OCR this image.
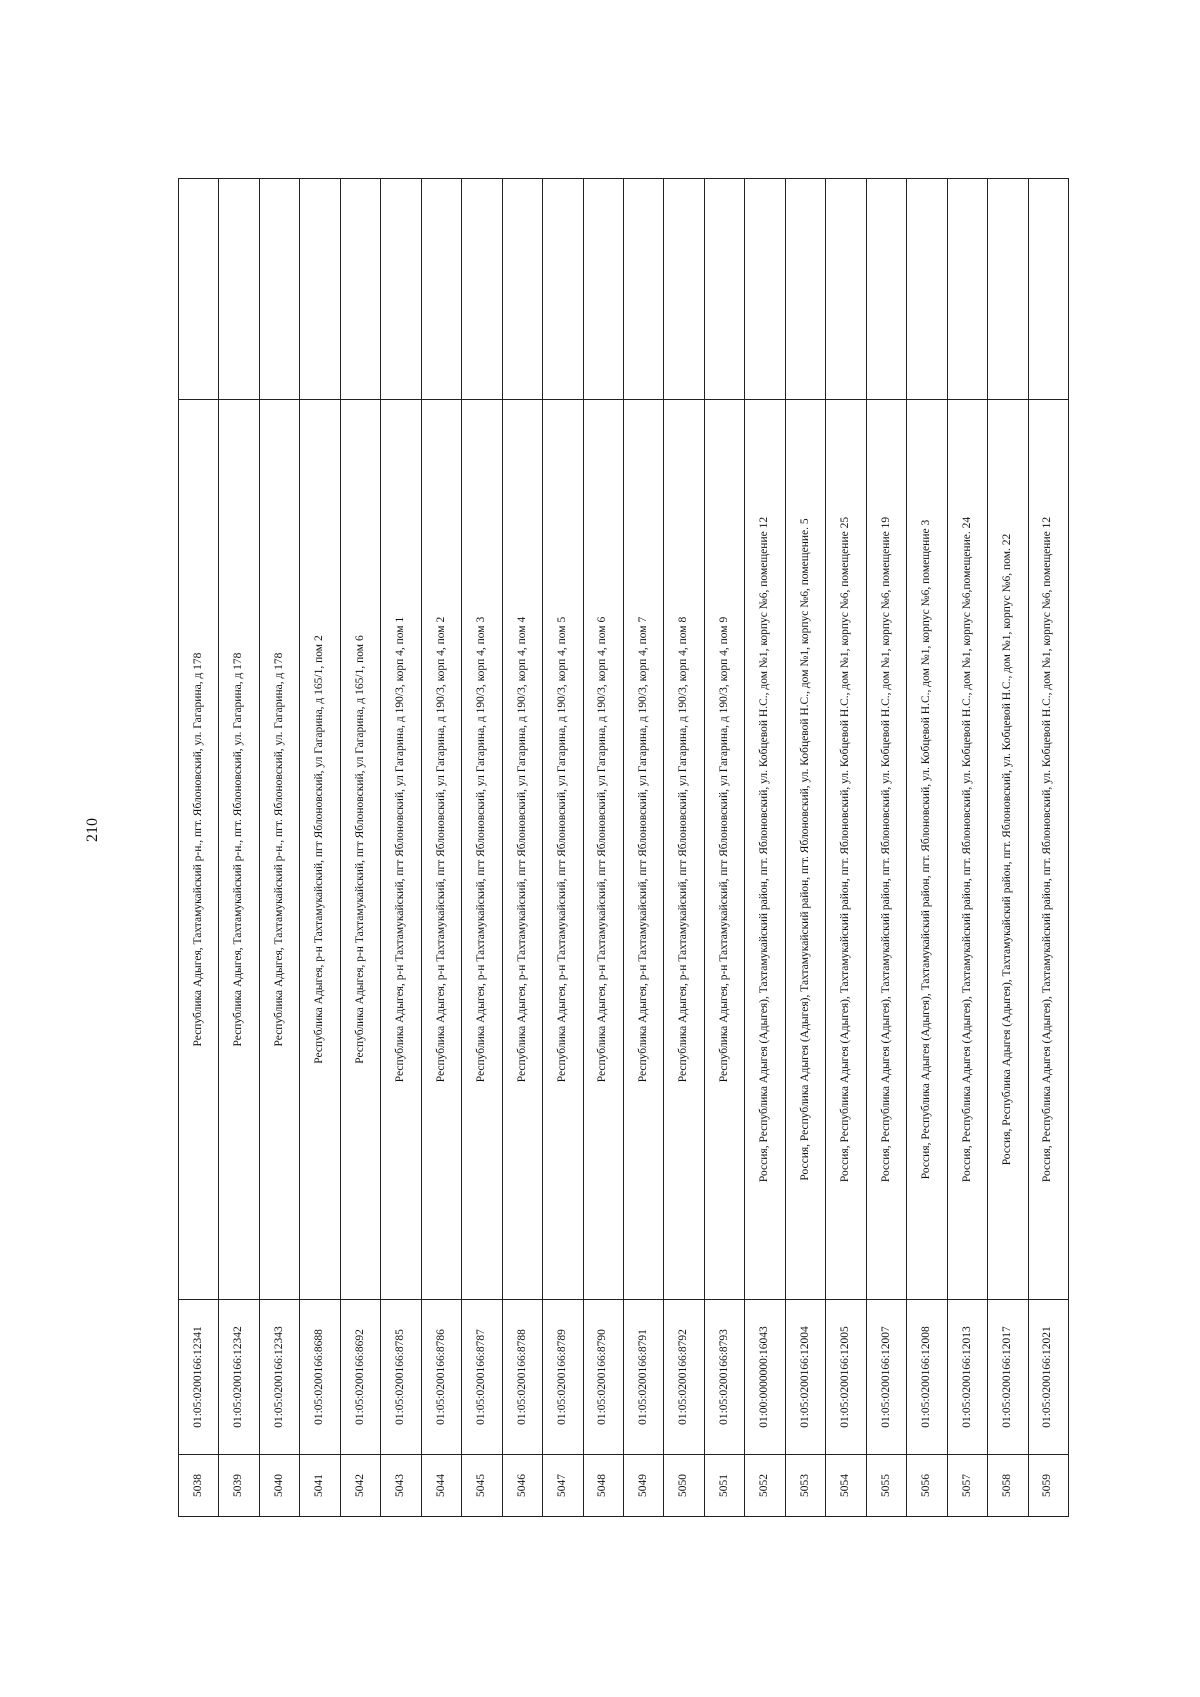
210
5038	01:05:0200166:12341	Республика Адыгея, Тахтамукайский р-н., пгт. Яблоновский, ул. Гагарина, д 178	
5039	01:05:0200166:12342	Республика Адыгея, Тахтамукайский р-н., пгт. Яблоновский, ул. Гагарина, д 178	
5040	01:05:0200166:12343	Республика Адыгея, Тахтамукайский р-н., пгт. Яблоновский, ул. Гагарина, д 178	
5041	01:05:0200166:8688	Республика Адыгея, р-н Тахтамукайский, пгт Яблоновский, ул Гагарина, д 165/1, пом 2	
5042	01:05:0200166:8692	Республика Адыгея, р-н Тахтамукайский, пгт Яблоновский, ул Гагарина, д 165/1, пом 6	
5043	01:05:0200166:8785	Республика Адыгея, р-н Тахтамукайский, пгт Яблоновский, ул Гагарина, д 190/3, корп 4, пом 1	
5044	01:05:0200166:8786	Республика Адыгея, р-н Тахтамукайский, пгт Яблоновский, ул Гагарина, д 190/3, корп 4, пом 2	
5045	01:05:0200166:8787	Республика Адыгея, р-н Тахтамукайский, пгт Яблоновский, ул Гагарина, д 190/3, корп 4, пом 3	
5046	01:05:0200166:8788	Республика Адыгея, р-н Тахтамукайский, пгт Яблоновский, ул Гагарина, д 190/3, корп 4, пом 4	
5047	01:05:0200166:8789	Республика Адыгея, р-н Тахтамукайский, пгт Яблоновский, ул Гагарина, д 190/3, корп 4, пом 5	
5048	01:05:0200166:8790	Республика Адыгея, р-н Тахтамукайский, пгт Яблоновский, ул Гагарина, д 190/3, корп 4, пом 6	
5049	01:05:0200166:8791	Республика Адыгея, р-н Тахтамукайский, пгт Яблоновский, ул Гагарина, д 190/3, корп 4, пом 7	
5050	01:05:0200166:8792	Республика Адыгея, р-н Тахтамукайский, пгт Яблоновский, ул Гагарина, д 190/3, корп 4, пом 8	
5051	01:05:0200166:8793	Республика Адыгея, р-н Тахтамукайский, пгт Яблоновский, ул Гагарина, д 190/3, корп 4, пом 9	
5052	01:00:0000000:16043	Россия, Республика Адыгея (Адыгея), Тахтамукайский район, пгт. Яблоновский, ул. Кобцевой Н.С., дом №1, корпус №6, помещение 12	
5053	01:05:0200166:12004	Россия, Республика Адыгея (Адыгея), Тахтамукайский район, пгт. Яблоновский, ул. Кобцевой Н.С., дом №1, корпус №6, помещение. 5	
5054	01:05:0200166:12005	Россия, Республика Адыгея (Адыгея), Тахтамукайский район, пгт. Яблоновский, ул. Кобцевой Н.С., дом №1, корпус №6, помещение 25	
5055	01:05:0200166:12007	Россия, Республика Адыгея (Адыгея), Тахтамукайский район, пгт. Яблоновский, ул. Кобцевой Н.С., дом №1, корпус №6, помещение 19	
5056	01:05:0200166:12008	Россия, Республика Адыгея (Адыгея), Тахтамукайский район, пгт. Яблоновский, ул. Кобцевой Н.С., дом №1, корпус №6, помещение 3	
5057	01:05:0200166:12013	Россия, Республика Адыгея (Адыгея), Тахтамукайский район, пгт. Яблоновский, ул. Кобцевой Н.С., дом №1, корпус №6,помещение. 24	
5058	01:05:0200166:12017	Россия, Республика Адыгея (Адыгея), Тахтамукайский район, пгт. Яблоновский, ул. Кобцевой Н.С., дом №1, корпус №6, пом. 22	
5059	01:05:0200166:12021	Россия, Республика Адыгея (Адыгея), Тахтамукайский район, пгт. Яблоновский, ул. Кобцевой Н.С., дом №1, корпус №6, помещение 12	
